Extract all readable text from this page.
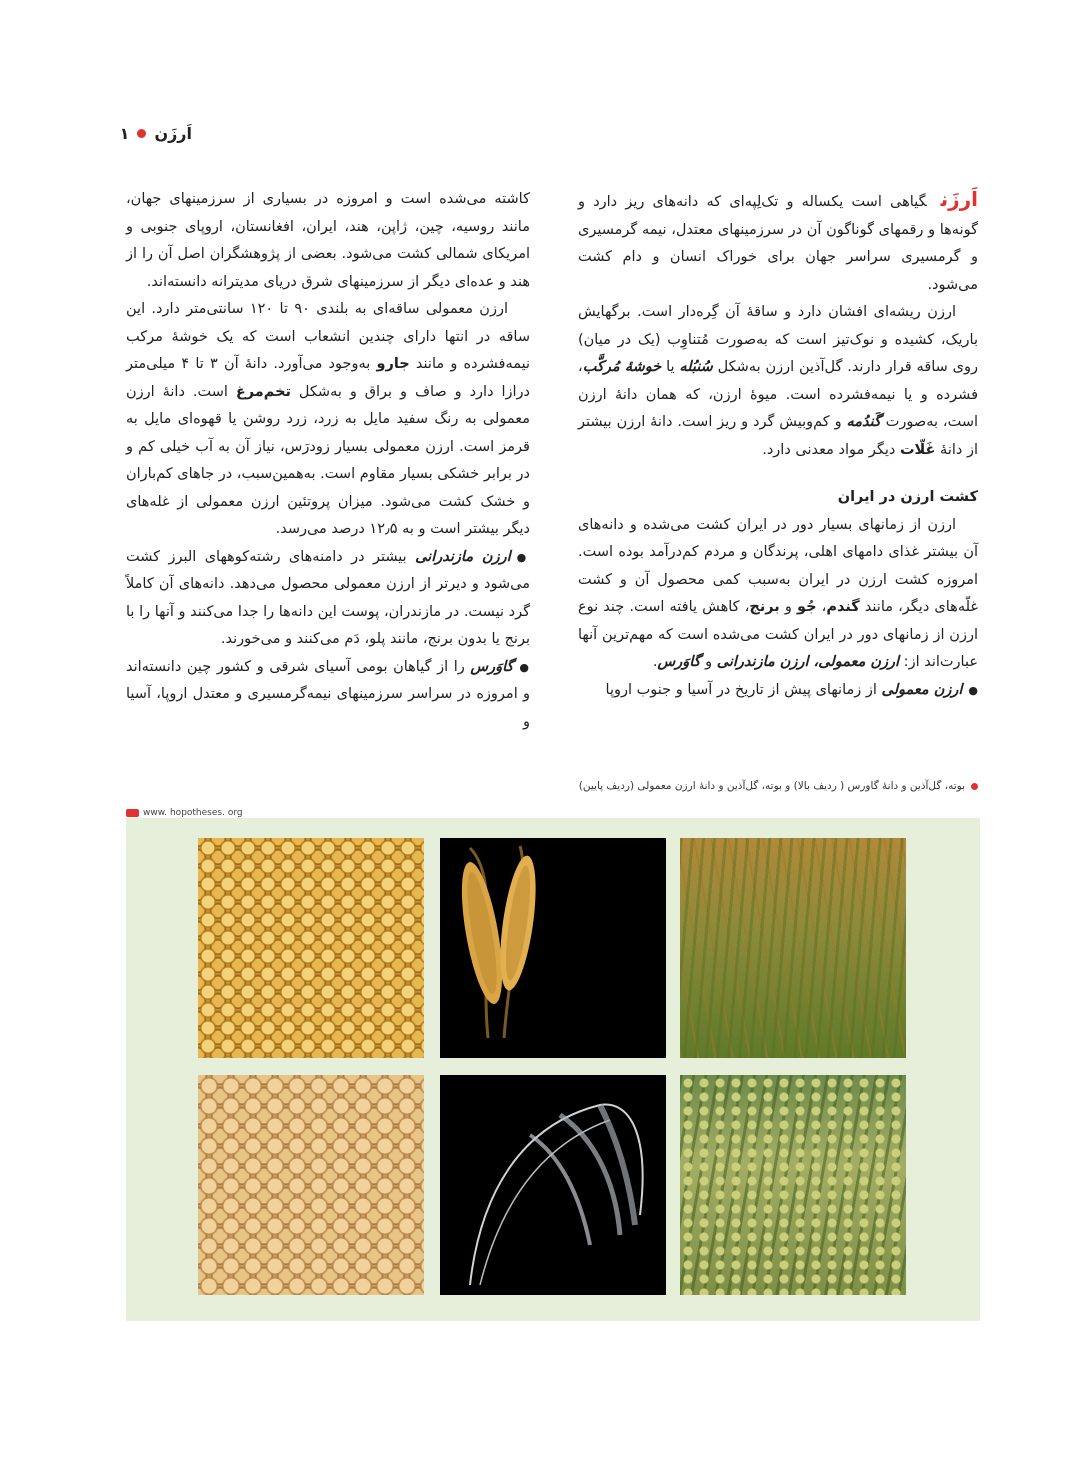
اَرزَن
۱

اَرزَنگیاهی است یکساله و تک‌لِپه‌ای که دانه‌های ریز دارد و گونه‌ها و رقمهای گوناگون آن در سرزمینهای معتدل، نیمه گرمسیری و گرمسیری سراسر جهان برای خوراک انسان و دام کشت می‌شود.

ارزن ریشه‌ای افشان دارد و ساقهٔ آن گِره‌دار است. برگهایش باریک، کشیده و نوک‌تیز است که به‌صورت مُتناوِب (یک در میان) روی ساقه قرار دارند. گل‌آذین ارزن به‌شکل سُنبُله یا خوشهٔ مُرکَّب، فشرده و یا نیمه‌فشرده است. میوهٔ ارزن، که همان دانهٔ ارزن است، به‌صورت گَندُمه و کم‌وبیش گرد و ریز است. دانهٔ ارزن بیشتر از دانهٔ غَلّات دیگر مواد معدنی دارد.

کشت ارزن در ایران

ارزن از زمانهای بسیار دور در ایران کشت می‌شده و دانه‌های آن بیشتر غذای دامهای اهلی، پرندگان و مردم کم‌درآمد بوده است. امروزه کشت ارزن در ایران به‌سبب کمی محصول آن و کشت غلّه‌های دیگر، مانند گندم، جُو و برنج، کاهش یافته است. چند نوع ارزن از زمانهای دور در ایران کشت می‌شده است که مهم‌ترین آنها عبارت‌اند از: ارزن معمولی، ارزن مازندرانی و گاوَرس.

● ارزن معمولی از زمانهای پیش از تاریخ در آسیا و جنوب اروپا

کاشته می‌شده است و امروزه در بسیاری از سرزمینهای جهان، مانند روسیه، چین، ژاپن، هند، ایران، افغانستان، اروپای جنوبی و امریکای شمالی کشت می‌شود. بعضی از پژوهشگران اصل آن را از هند و عده‌ای دیگر از سرزمینهای شرق دریای مدیترانه دانسته‌اند.

ارزن معمولی ساقه‌ای به بلندی ۹۰ تا ۱۲۰ سانتی‌متر دارد. این ساقه در انتها دارای چندین انشعاب است که یک خوشهٔ مرکب نیمه‌فشرده و مانند جارو به‌وجود می‌آورد. دانهٔ آن ۳ تا ۴ میلی‌متر درازا دارد و صاف و براق و به‌شکل تخم‌مرغ است. دانهٔ ارزن معمولی به رنگ سفید مایل به زرد، زرد روشن یا قهوه‌ای مایل به قرمز است. ارزن معمولی بسیار زودرَس، نیاز آن به آب خیلی کم و در برابر خشکی بسیار مقاوم است. به‌همین‌سبب، در جاهای کم‌باران و خشک کشت می‌شود. میزان پروتئین ارزن معمولی از غله‌های دیگر بیشتر است و به ۱۲٫۵ درصد می‌رسد.

● ارزن مازندرانی بیشتر در دامنه‌های رشته‌کوههای البرز کشت می‌شود و دیرتر از ارزن معمولی محصول می‌دهد. دانه‌های آن کاملاً گرد نیست. در مازندران، پوست این دانه‌ها را جدا می‌کنند و آنها را با برنج یا بدون برنج، مانند پلو، دَم می‌کنند و می‌خورند.

● گاوَرس را از گیاهان بومی آسیای شرقی و کشور چین دانسته‌اند و امروزه در سراسر سرزمینهای نیمه‌گرمسیری و معتدل اروپا، آسیا و

بوته، گل‌آذین و دانهٔ گاورس ( ردیف بالا) و بوته، گل‌آذین و دانهٔ ارزن معمولی (ردیف پایین)
www. hopotheses. org
